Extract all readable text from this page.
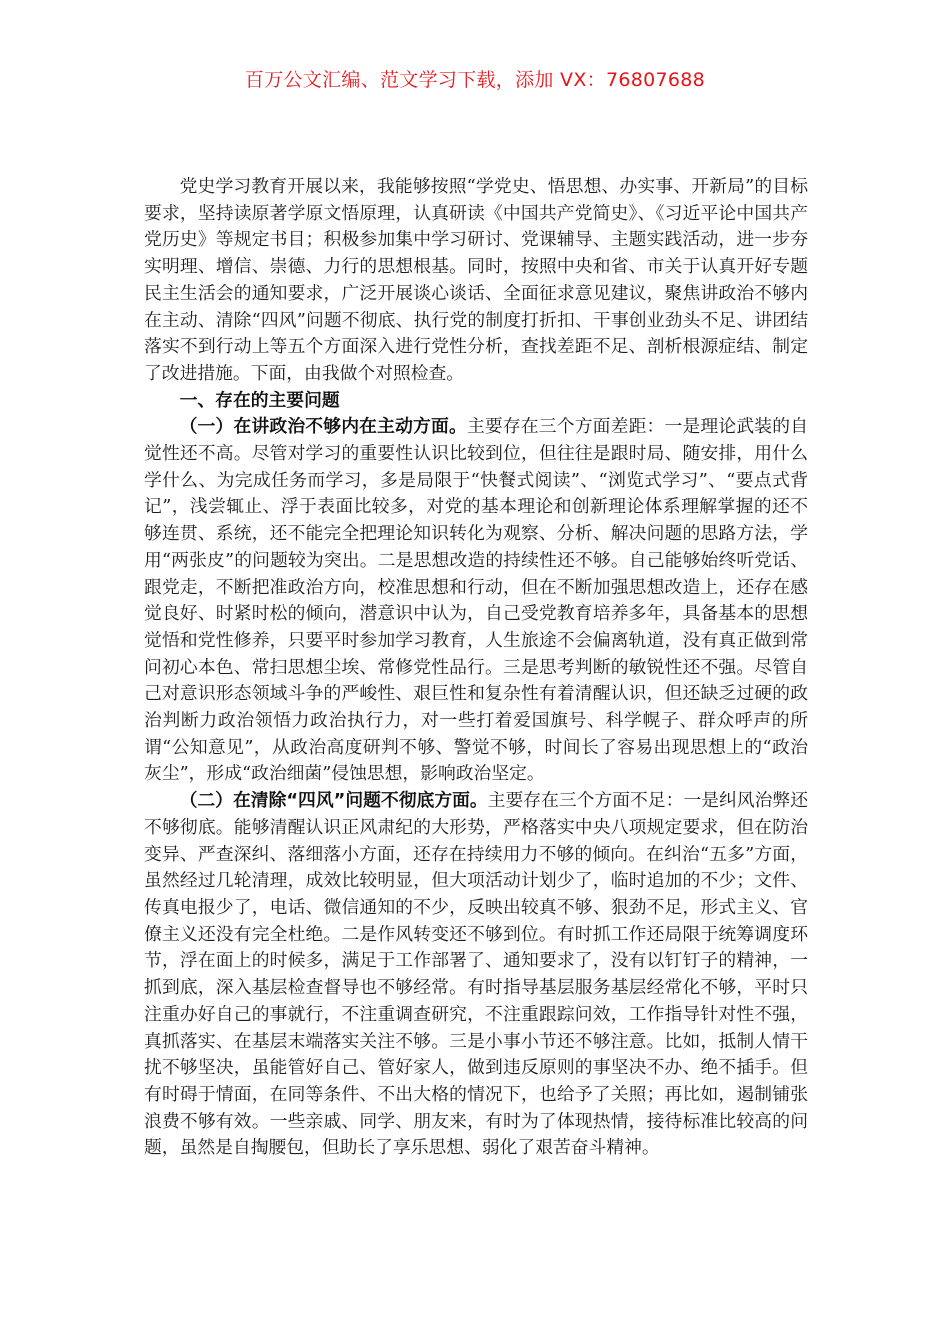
百万公文汇编、范文学习下载，添加 VX：76807688

党史学习教育开展以来，我能够按照“学党史、悟思想、办实事、开新局”的目标要求，坚持读原著学原文悟原理，认真研读《中国共产党简史》、《习近平论中国共产党历史》等规定书目；积极参加集中学习研讨、党课辅导、主题实践活动，进一步夯实明理、增信、崇德、力行的思想根基。同时，按照中央和省、市关于认真开好专题民主生活会的通知要求，广泛开展谈心谈话、全面征求意见建议，聚焦讲政治不够内在主动、清除“四风”问题不彻底、执行党的制度打折扣、干事创业劲头不足、讲团结落实不到行动上等五个方面深入进行党性分析，查找差距不足、剖析根源症结、制定了改进措施。下面，由我做个对照检查。

一、存在的主要问题

（一）在讲政治不够内在主动方面。主要存在三个方面差距：一是理论武装的自觉性还不高。尽管对学习的重要性认识比较到位，但往往是跟时局、随安排，用什么学什么、为完成任务而学习，多是局限于“快餐式阅读”、“浏览式学习”、“要点式背记”，浅尝辄止、浮于表面比较多，对党的基本理论和创新理论体系理解掌握的还不够连贯、系统，还不能完全把理论知识转化为观察、分析、解决问题的思路方法，学用“两张皮”的问题较为突出。二是思想改造的持续性还不够。自己能够始终听党话、跟党走，不断把准政治方向，校准思想和行动，但在不断加强思想改造上，还存在感觉良好、时紧时松的倾向，潜意识中认为，自己受党教育培养多年，具备基本的思想觉悟和党性修养，只要平时参加学习教育，人生旅途不会偏离轨道，没有真正做到常问初心本色、常扫思想尘埃、常修党性品行。三是思考判断的敏锐性还不强。尽管自己对意识形态领域斗争的严峻性、艰巨性和复杂性有着清醒认识，但还缺乏过硬的政治判断力政治领悟力政治执行力，对一些打着爱国旗号、科学幌子、群众呼声的所谓“公知意见”，从政治高度研判不够、警觉不够，时间长了容易出现思想上的“政治灰尘”，形成“政治细菌”侵蚀思想，影响政治坚定。

（二）在清除“四风”问题不彻底方面。主要存在三个方面不足：一是纠风治弊还不够彻底。能够清醒认识正风肃纪的大形势，严格落实中央八项规定要求，但在防治变异、严查深纠、落细落小方面，还存在持续用力不够的倾向。在纠治“五多”方面，虽然经过几轮清理，成效比较明显，但大项活动计划少了，临时追加的不少；文件、传真电报少了，电话、微信通知的不少，反映出较真不够、狠劲不足，形式主义、官僚主义还没有完全杜绝。二是作风转变还不够到位。有时抓工作还局限于统筹调度环节，浮在面上的时候多，满足于工作部署了、通知要求了，没有以钉钉子的精神，一抓到底，深入基层检查督导也不够经常。有时指导基层服务基层经常化不够，平时只注重办好自己的事就行，不注重调查研究，不注重跟踪问效，工作指导针对性不强，真抓落实、在基层末端落实关注不够。三是小事小节还不够注意。比如，抵制人情干扰不够坚决，虽能管好自己、管好家人，做到违反原则的事坚决不办、绝不插手。但有时碍于情面，在同等条件、不出大格的情况下，也给予了关照；再比如，遏制铺张浪费不够有效。一些亲戚、同学、朋友来，有时为了体现热情，接待标准比较高的问题，虽然是自掏腰包，但助长了享乐思想、弱化了艰苦奋斗精神。
